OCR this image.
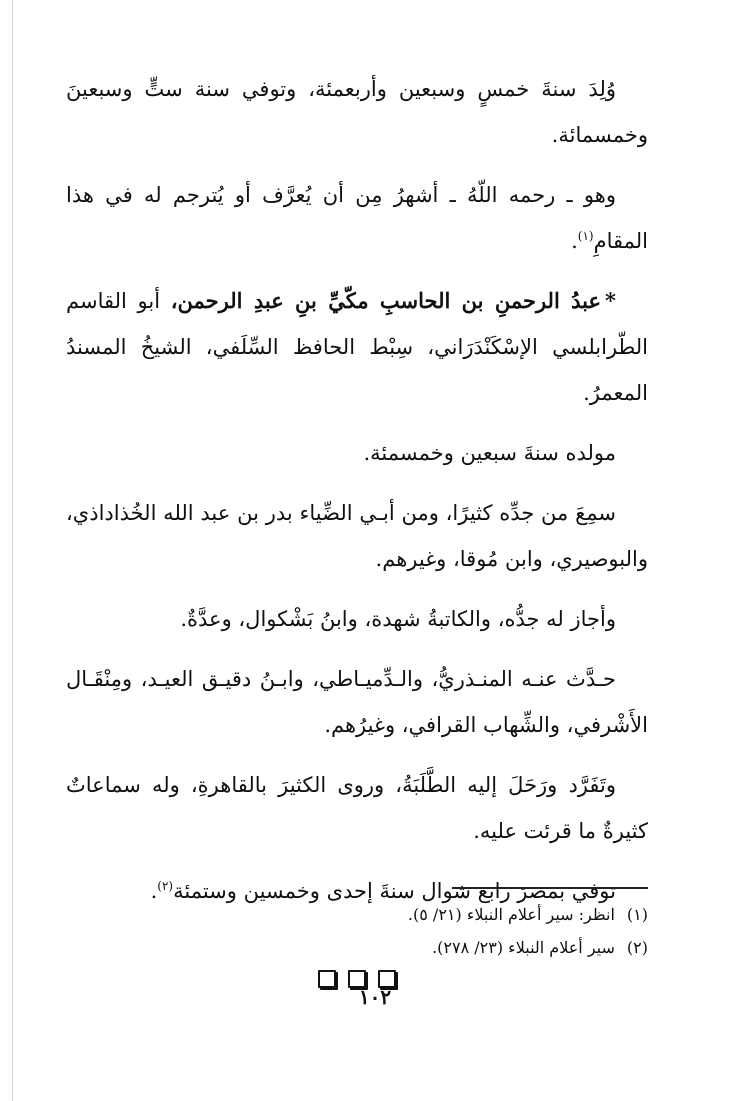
وُلِدَ سنةَ خمسٍ وسبعين وأربعمئة، وتوفي سنة ستٍّ وسبعينَ وخمسمائة.

وهو ـ رحمه اللّهُ ـ أشهرُ مِن أن يُعرَّف أو يُترجم له في هذا المقامِ$^{(١)}$.

*عبدُ الرحمنِ بن الحاسبِ مكّيِّ بنِ عبدِ الرحمن، أبو القاسم الطّرابلسي الإسْكَنْدَرَاني، سِبْط الحافظ السِّلَفي، الشيخُ المسندُ المعمرُ.

مولده سنةَ سبعين وخمسمئة.

سمِعَ من جدِّه كثيرًا، ومن أبـي الضِّياء بدر بن عبد الله الخُذاداذي، والبوصيري، وابن مُوقا، وغيرهم.

وأجاز له جدُّه، والكاتبةُ شهدة، وابنُ بَشْكوال، وعدَّةٌ.

حـدَّث عنـه المنـذريُّ، والـدِّميـاطي، وابـنُ دقيـق العيـد، ومِنْقَـال الأَشْرفي، والشِّهاب القرافي، وغيرُهم.

وتَفَرَّد ورَحَلَ إليه الطَّلَبَةُ، وروى الكثيرَ بالقاهرةِ، وله سماعاتٌ كثيرةٌ ما قرئت عليه.

توفي بمصرَ رابع شوال سنةَ إحدى وخمسين وستمئة$^{(٢)}$.

(١)انظر: سير أعلام النبلاء (٢١/ ٥).

(٢)سير أعلام النبلاء (٢٣/ ٢٧٨).

١٠٢
